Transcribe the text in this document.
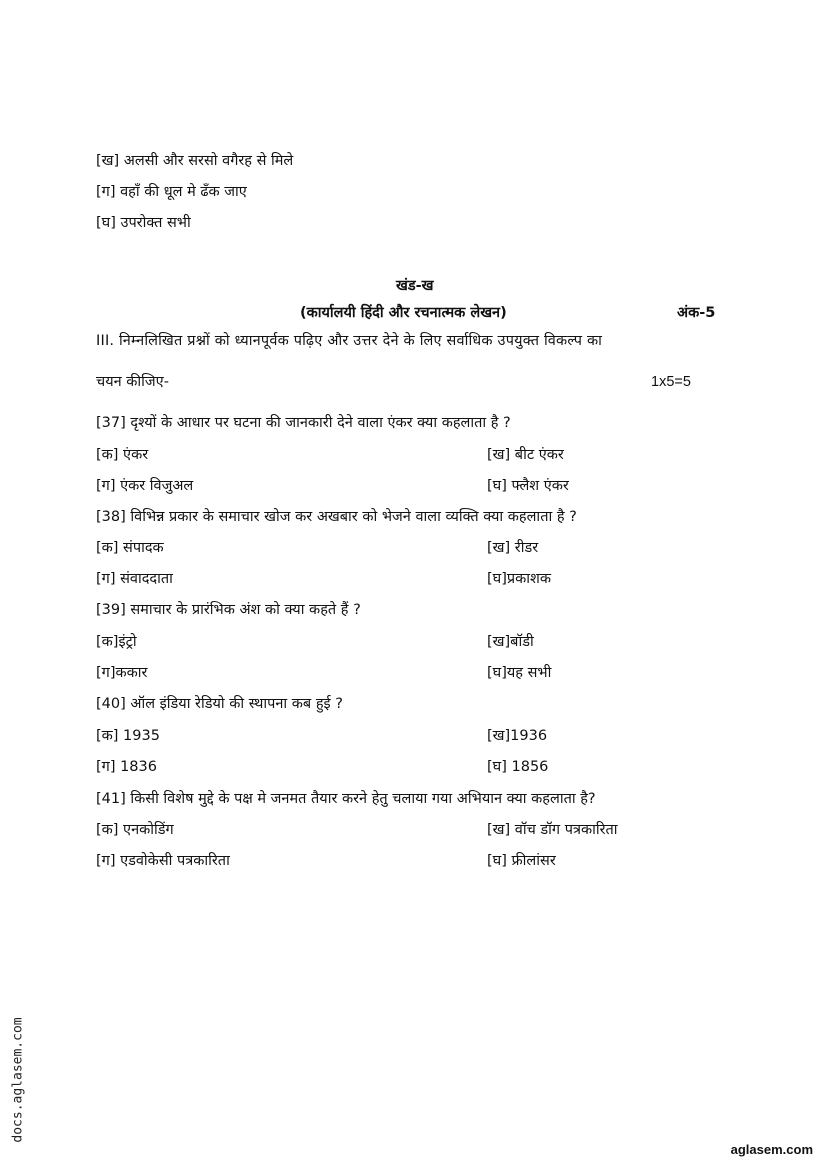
[ख] अलसी और सरसो वगैरह से मिले
[ग] वहाँ की धूल मे ढँक जाए
[घ] उपरोक्त सभी
खंड-ख
(कार्यालयी हिंदी और रचनात्मक लेखन)	अंक-5
III. निम्नलिखित प्रश्नों को ध्यानपूर्वक पढ़िए और उत्तर देने के लिए सर्वाधिक उपयुक्त विकल्प का
चयन कीजिए-	1x5=5
[37] दृश्यों के आधार पर घटना की जानकारी देने वाला एंकर क्या कहलाता है ?
[क] एंकर	[ख] बीट एंकर
[ग] एंकर विजुअल	[घ] फ्लैश एंकर
[38] विभिन्न प्रकार के समाचार खोज कर अखबार को भेजने वाला व्यक्ति क्या कहलाता है ?
[क] संपादक	[ख] रीडर
[ग] संवाददाता	[घ]प्रकाशक
[39] समाचार के प्रारंभिक अंश को क्या कहते हैं ?
[क]इंट्रो	[ख]बॉडी
[ग]ककार	[घ]यह सभी
[40] ऑल इंडिया रेडियो की स्थापना कब हुई ?
[क] 1935	[ख]1936
[ग] 1836	[घ] 1856
[41] किसी विशेष मुद्दे के पक्ष मे जनमत तैयार करने हेतु चलाया गया अभियान क्या कहलाता है?
[क] एनकोडिंग	[ख] वॉच डॉग पत्रकारिता
[ग] एडवोकेसी पत्रकारिता	[घ] फ्रीलांसर
docs.aglasem.com
aglasem.com
